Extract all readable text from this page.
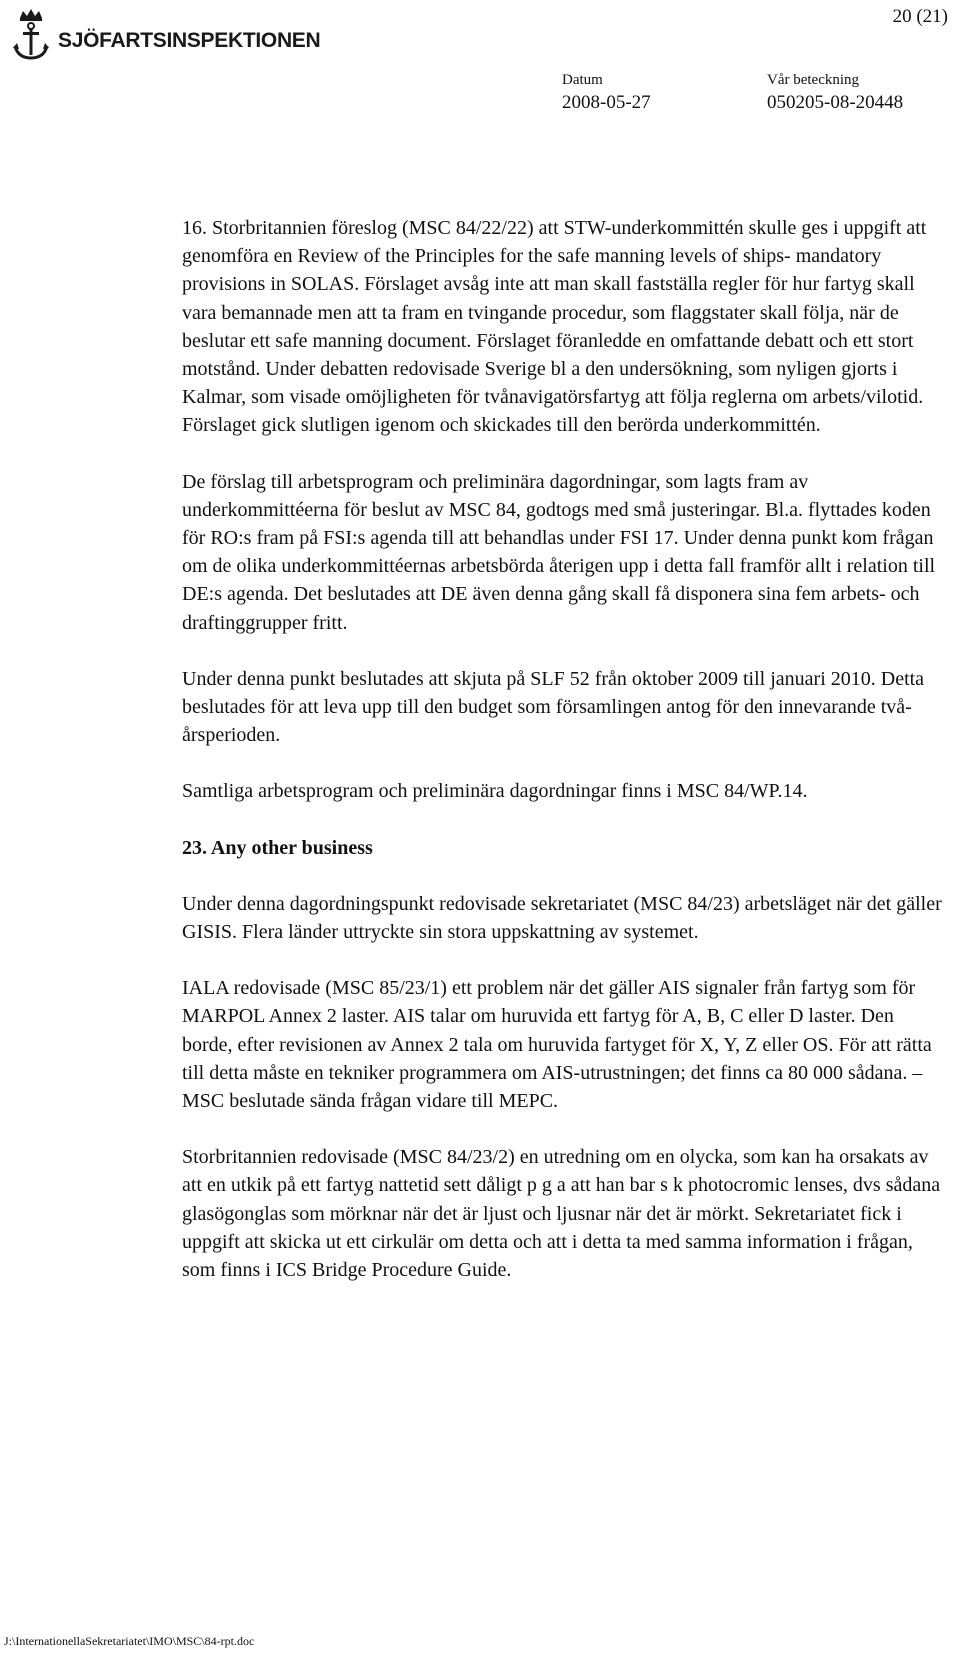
SJÖFARTSINSPEKTIONEN
20 (21)
Datum
2008-05-27
Vår beteckning
050205-08-20448

16. Storbritannien föreslog (MSC 84/22/22) att STW-underkommittén skulle ges i uppgift att genomföra en Review of the Principles for the safe manning levels of ships- mandatory provisions in SOLAS. Förslaget avsåg inte att man skall fastställa regler för hur fartyg skall vara bemannade men att ta fram en tvingande procedur, som flaggstater skall följa, när de beslutar ett safe manning document. Förslaget föranledde en omfattande debatt och ett stort motstånd. Under debatten redovisade Sverige bl a den undersökning, som nyligen gjorts i Kalmar, som visade omöjligheten för tvånavigatörsfartyg att följa reglerna om arbets/vilotid. Förslaget gick slutligen igenom och skickades till den berörda underkommittén.

De förslag till arbetsprogram och preliminära dagordningar, som lagts fram av underkommittéerna för beslut av MSC 84, godtogs med små justeringar. Bl.a. flyttades koden för RO:s fram på FSI:s agenda till att behandlas under FSI 17. Under denna punkt kom frågan om de olika underkommittéernas arbetsbörda återigen upp i detta fall framför allt i relation till DE:s agenda. Det beslutades att DE även denna gång skall få disponera sina fem arbets- och draftinggrupper fritt.

Under denna punkt beslutades att skjuta på SLF 52 från oktober 2009 till januari 2010. Detta beslutades för att leva upp till den budget som församlingen antog för den innevarande två-årsperioden.

Samtliga arbetsprogram och preliminära dagordningar finns i MSC 84/WP.14.

23. Any other business

Under denna dagordningspunkt redovisade sekretariatet (MSC 84/23) arbetsläget när det gäller GISIS. Flera länder uttryckte sin stora uppskattning av systemet.

IALA redovisade (MSC 85/23/1) ett problem när det gäller AIS signaler från fartyg som för MARPOL Annex 2 laster. AIS talar om huruvida ett fartyg för A, B, C eller D laster. Den borde, efter revisionen av Annex 2 tala om huruvida fartyget för X, Y, Z eller OS. För att rätta till detta måste en tekniker programmera om AIS-utrustningen; det finns ca 80 000 sådana. – MSC beslutade sända frågan vidare till MEPC.

Storbritannien redovisade (MSC 84/23/2) en utredning om en olycka, som kan ha orsakats av att en utkik på ett fartyg nattetid sett dåligt p g a att han bar s k photocromic lenses, dvs sådana glasögonglas som mörknar när det är ljust och ljusnar när det är mörkt. Sekretariatet fick i uppgift att skicka ut ett cirkulär om detta och att i detta ta med samma information i frågan, som finns i ICS Bridge Procedure Guide.

J:\InternationellaSekretariatet\IMO\MSC\84-rpt.doc
